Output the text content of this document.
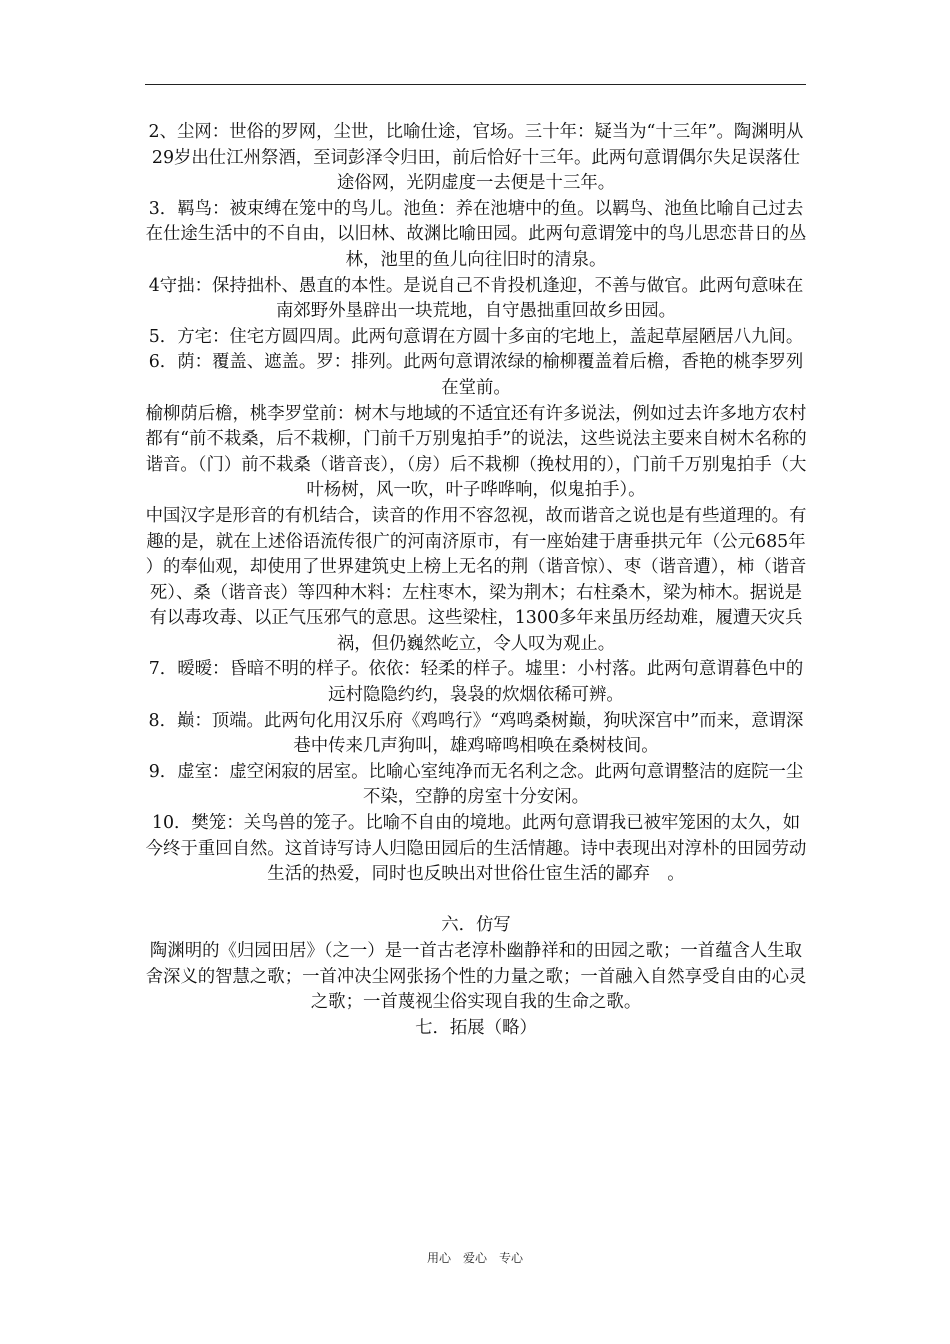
2、尘网：世俗的罗网，尘世，比喻仕途，官场。三十年：疑当为“十三年”。陶渊明从　29岁出仕江州祭酒，至词彭泽令归田，前后恰好十三年。此两句意谓偶尔失足误落仕途俗网，光阴虚度一去便是十三年。

3．羁鸟：被束缚在笼中的鸟儿。池鱼：养在池塘中的鱼。以羁鸟、池鱼比喻自己过去在仕途生活中的不自由，以旧林、故渊比喻田园。此两句意谓笼中的鸟儿思恋昔日的丛林，池里的鱼儿向往旧时的清泉。

4守拙：保持拙朴、愚直的本性。是说自己不肯投机逢迎，不善与做官。此两句意味在南郊野外垦辟出一块荒地，自守愚拙重回故乡田园。

5．方宅：住宅方圆四周。此两句意谓在方圆十多亩的宅地上，盖起草屋陋居八九间。

6．荫：覆盖、遮盖。罗：排列。此两句意谓浓绿的榆柳覆盖着后檐，香艳的桃李罗列在堂前。

榆柳荫后檐，桃李罗堂前：树木与地域的不适宜还有许多说法，例如过去许多地方农村都有“前不栽桑，后不栽柳，门前千万别鬼拍手”的说法，这些说法主要来自树木名称的谐音。（门）前不栽桑（谐音丧），（房）后不栽柳（挽杖用的），门前千万别鬼拍手（大叶杨树，风一吹，叶子哗哗响，似鬼拍手）。

中国汉字是形音的有机结合，读音的作用不容忽视，故而谐音之说也是有些道理的。有趣的是，就在上述俗语流传很广的河南济原市，有一座始建于唐垂拱元年（公元685年）的奉仙观，却使用了世界建筑史上榜上无名的荆（谐音惊）、枣（谐音遭），柿（谐音死）、桑（谐音丧）等四种木料：左柱枣木，梁为荆木；右柱桑木，梁为柿木。据说是有以毒攻毒、以正气压邪气的意思。这些梁柱，1300多年来虽历经劫难，履遭天灾兵祸，但仍巍然屹立，令人叹为观止。

7．暧暧：昏暗不明的样子。依依：轻柔的样子。墟里：小村落。此两句意谓暮色中的远村隐隐约约，袅袅的炊烟依稀可辨。

8．巅：顶端。此两句化用汉乐府《鸡鸣行》“鸡鸣桑树巅，狗吠深宫中”而来，意谓深巷中传来几声狗叫，雄鸡啼鸣相唤在桑树枝间。

9．虚室：虚空闲寂的居室。比喻心室纯净而无名利之念。此两句意谓整洁的庭院一尘不染，空静的房室十分安闲。

10．樊笼：关鸟兽的笼子。比喻不自由的境地。此两句意谓我已被牢笼困的太久，如今终于重回自然。这首诗写诗人归隐田园后的生活情趣。诗中表现出对淳朴的田园劳动生活的热爱，同时也反映出对世俗仕宦生活的鄙弃　。

六．仿写

陶渊明的《归园田居》（之一）是一首古老淳朴幽静祥和的田园之歌；一首蕴含人生取舍深义的智慧之歌；一首冲决尘网张扬个性的力量之歌；一首融入自然享受自由的心灵之歌；一首蔑视尘俗实现自我的生命之歌。

七．拓展（略）

用心　爱心　专心
